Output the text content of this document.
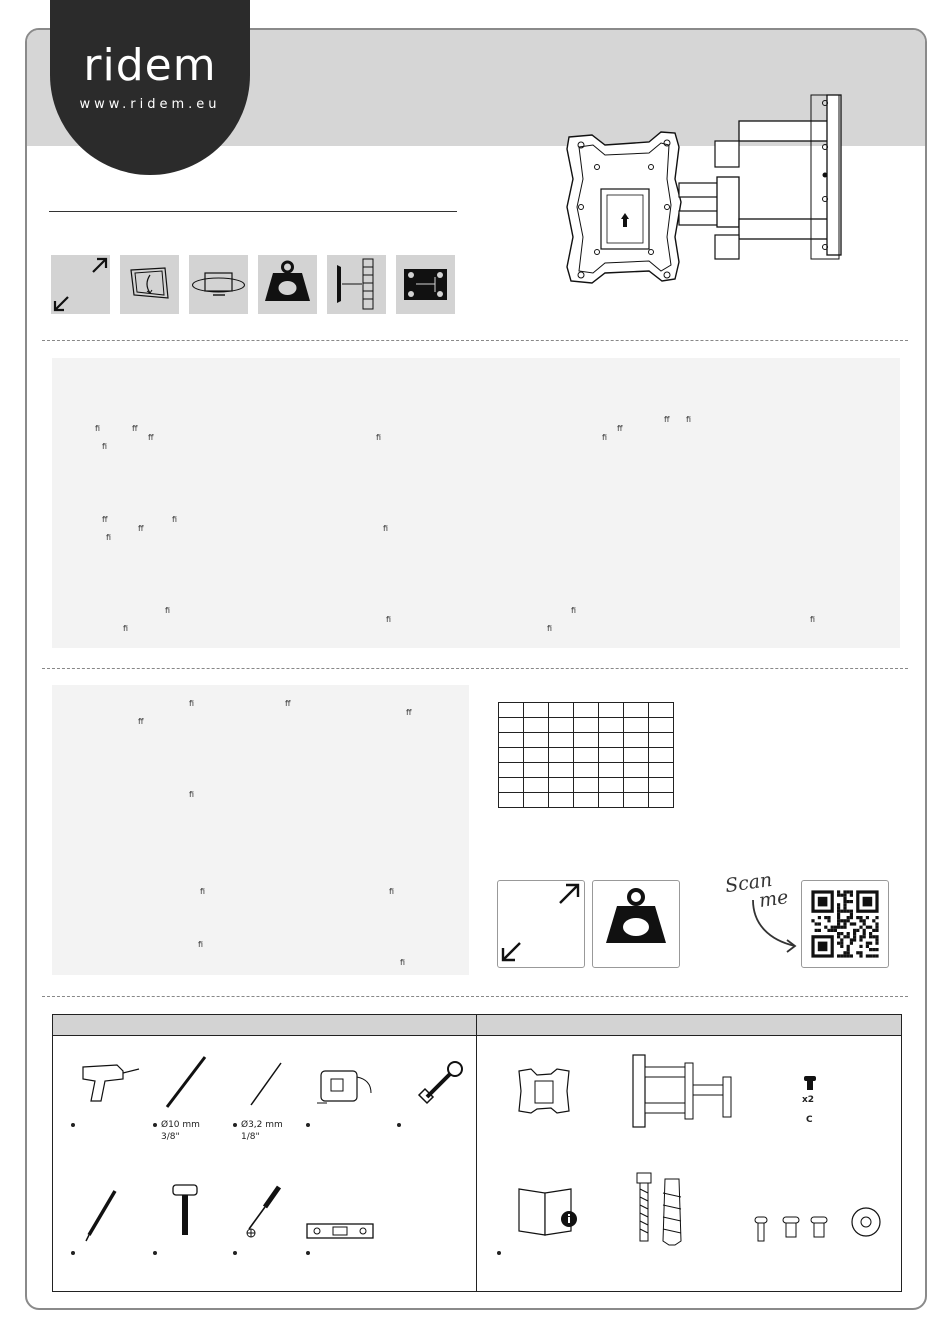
fi	ff
ff
fi
fi
ff fi
ff
fi
ff	fi
ff
fi
fi
fi
fi
fi
fi
fi
fi
fi	ff
ff
ff
fi
fi	fi
fi
fi

Scan
me
Ø10 mm
3/8"
Ø3,2 mm
1/8"
x2
C
ridem
www.ridem.eu
